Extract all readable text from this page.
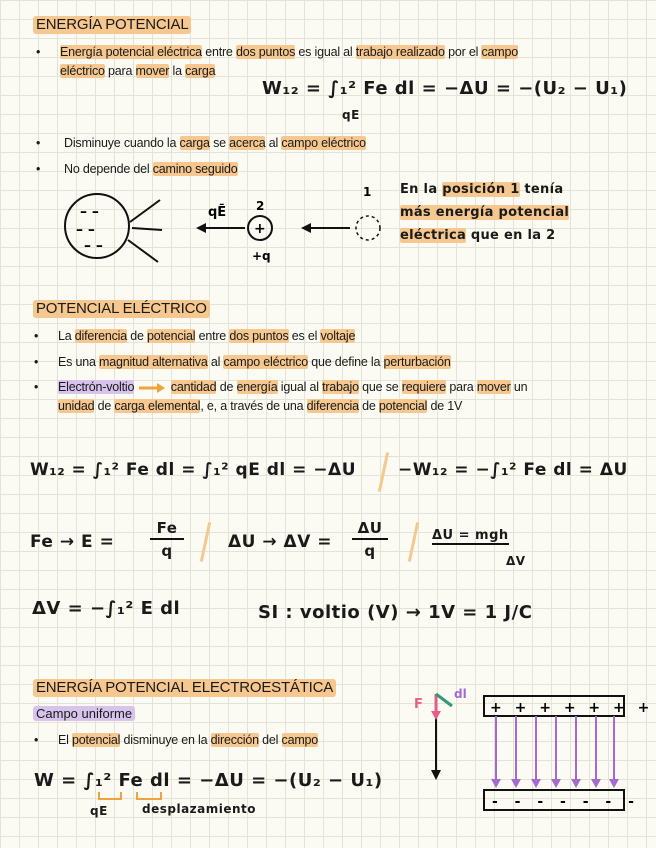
ENERGÍA POTENCIAL
• Energía potencial eléctrica entre dos puntos es igual al trabajo realizado por el campo
eléctrico para mover la carga
W₁₂ = ∫₁² Fe dl = −ΔU = −(U₂ − U₁)
qE
• Disminuye cuando la carga se acerca al campo eléctrico
• No depende del camino seguido
– –
– –
– –
qĒ
+
2
+q
1 En la posición 1 tenía
más energía potencial
eléctrica que en la 2
POTENCIAL ELÉCTRICO
• La diferencia de potencial entre dos puntos es el voltaje
• Es una magnitud alternativa al campo eléctrico que define la perturbación
• Electrón-voltio	cantidad de energía igual al trabajo que se requiere para mover un
unidad de carga elemental, e, a través de una diferencia de potencial de 1V
W₁₂ = ∫₁² Fe dl = ∫₁² qE dl = −ΔU −W₁₂ = −∫₁² Fe dl = ΔU
Fe → E =
Fe
q	ΔU → ΔV =
ΔU
q
ΔU = mgh
ΔV
ΔV = −∫₁² E dl	SI : voltio (V) → 1V = 1 J/C
ENERGÍA POTENCIAL ELECTROESTÁTICA
Campo uniforme
• El potencial disminuye en la dirección del campo
W = ∫₁² Fe dl = −ΔU = −(U₂ − U₁)
qE	desplazamiento
F
dl
+ + + + + + +
- - - - - - -
